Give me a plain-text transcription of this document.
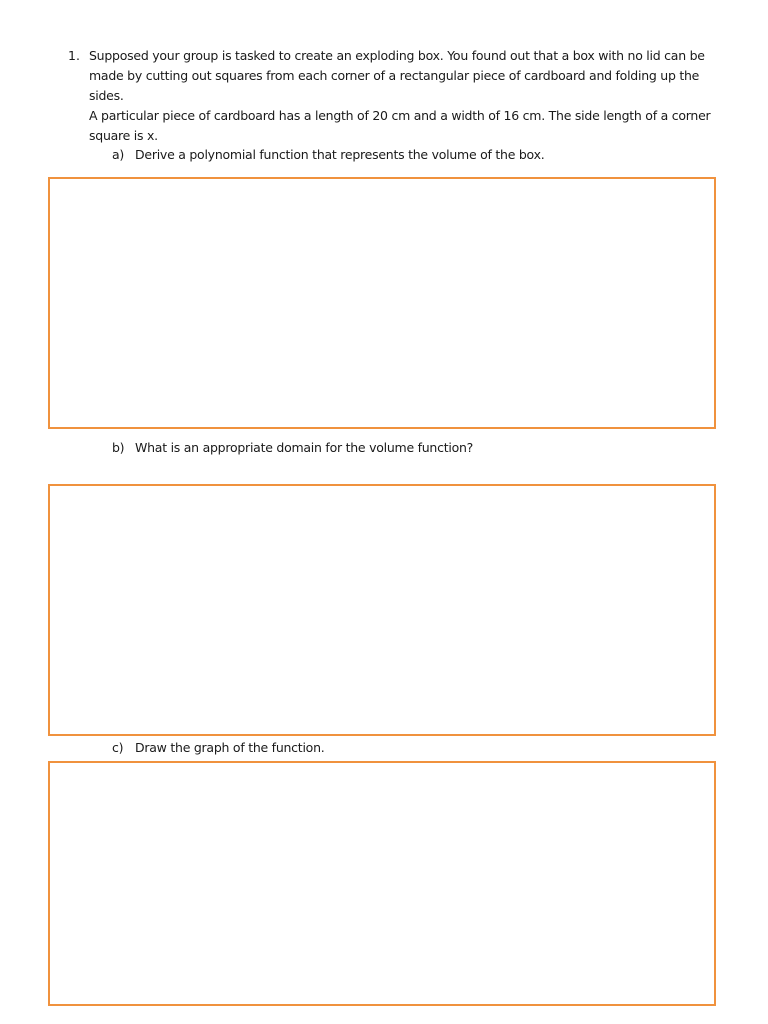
1. Supposed your group is tasked to create an exploding box. You found out that a box with no lid can be made by cutting out squares from each corner of a rectangular piece of cardboard and folding up the sides.

A particular piece of cardboard has a length of 20 cm and a width of 16 cm. The side length of a corner square is x.

a) Derive a polynomial function that represents the volume of the box.
b) What is an appropriate domain for the volume function?
c) Draw the graph of the function.
